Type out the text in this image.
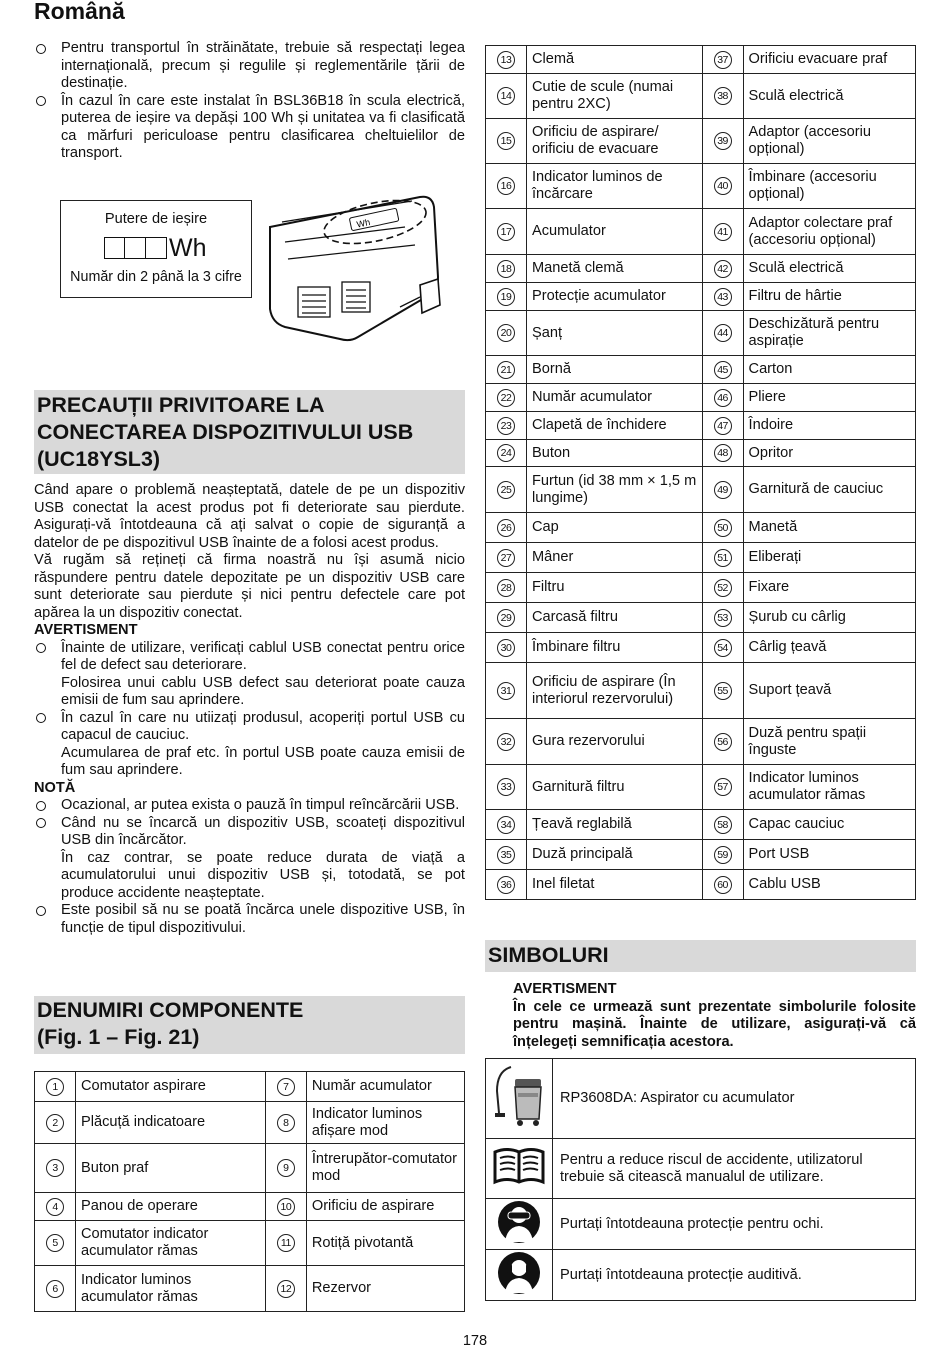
Română
Pentru transportul în străinătate, trebuie să respectați legea internațională, precum și regulile și reglementările țării de destinație.
În cazul în care este instalat în BSL36B18 în scula electrică, puterea de ieșire va depăși 100 Wh și unitatea va fi clasificată ca mărfuri periculoase pentru clasificarea cheltuielilor de transport.
Wh
Putere de ieșire
Wh
Număr din 2 până la 3 cifre
PRECAUȚII PRIVITOARE LA CONECTAREA DISPOZITIVULUI USB (UC18YSL3)
Când apare o problemă neașteptată, datele de pe un dispozitiv USB conectat la acest produs pot fi deteriorate sau pierdute. Asigurați-vă întotdeauna că ați salvat o copie de siguranță a datelor de pe dispozitivul USB înainte de a folosi acest produs.
Vă rugăm să rețineți că firma noastră nu își asumă nicio răspundere pentru datele depozitate pe un dispozitiv USB care sunt deteriorate sau pierdute și nici pentru defectele care pot apărea la un dispozitiv conectat.
AVERTISMENT
Înainte de utilizare, verificați cablul USB conectat pentru orice fel de defect sau deteriorare.
Folosirea unui cablu USB defect sau deteriorat poate cauza emisii de fum sau aprindere.
În cazul în care nu utiizați produsul, acoperiți portul USB cu capacul de cauciuc.
Acumularea de praf etc. în portul USB poate cauza emisii de fum sau aprindere.
NOTĂ
Ocazional, ar putea exista o pauză în timpul reîncărcării USB.
Când nu se încarcă un dispozitiv USB, scoateți dispozitivul USB din încărcător.
În caz contrar, se poate reduce durata de viață a acumulatorului unui dispozitiv USB și, totodată, se pot produce accidente neașteptate.
Este posibil să nu se poată încărca unele dispozitive USB, în funcție de tipul dispozitivului.
DENUMIRI COMPONENTE
(Fig. 1 – Fig. 21)
1	Comutator aspirare	7	Număr acumulator
2	Plăcuță indicatoare	8	Indicator luminos afișare mod
3	Buton praf	9	Întrerupător-comutator mod
4	Panou de operare	10	Orificiu de aspirare
5	Comutator indicator acumulator rămas	11	Rotiță pivotantă
6	Indicator luminos acumulator rămas	12	Rezervor
13	Clemă	37	Orificiu evacuare praf
14	Cutie de scule (numai pentru 2XC)	38	Sculă electrică
15	Orificiu de aspirare/ orificiu de evacuare	39	Adaptor (accesoriu opțional)
16	Indicator luminos de încărcare	40	Îmbinare (accesoriu opțional)
17	Acumulator	41	Adaptor colectare praf (accesoriu opțional)
18	Manetă clemă	42	Sculă electrică
19	Protecție acumulator	43	Filtru de hârtie
20	Șanț	44	Deschizătură pentru aspirație
21	Bornă	45	Carton
22	Număr acumulator	46	Pliere
23	Clapetă de închidere	47	Îndoire
24	Buton	48	Opritor
25	Furtun (id 38 mm × 1,5 m lungime)	49	Garnitură de cauciuc
26	Cap	50	Manetă
27	Mâner	51	Eliberați
28	Filtru	52	Fixare
29	Carcasă filtru	53	Șurub cu cârlig
30	Îmbinare filtru	54	Cârlig țeavă
31	Orificiu de aspirare (În interiorul rezervorului)	55	Suport țeavă
32	Gura rezervorului	56	Duză pentru spații înguste
33	Garnitură filtru	57	Indicator luminos acumulator rămas
34	Țeavă reglabilă	58	Capac cauciuc
35	Duză principală	59	Port USB
36	Inel filetat	60	Cablu USB
SIMBOLURI
AVERTISMENT
În cele ce urmează sunt prezentate simbolurile folosite pentru mașină. Înainte de utilizare, asigurați-vă că înțelegeți semnificația acestora.
	RP3608DA: Aspirator cu acumulator
	Pentru a reduce riscul de accidente, utilizatorul trebuie să citească manualul de utilizare.
	Purtați întotdeauna protecție pentru ochi.
	Purtați întotdeauna protecție auditivă.
178
